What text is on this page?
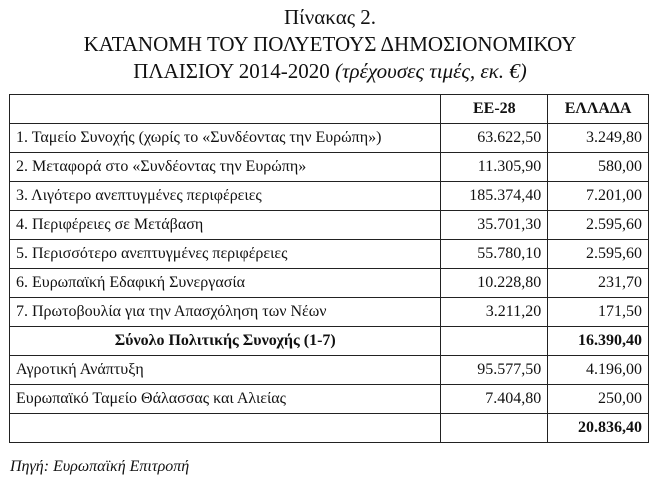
Πίνακας 2.
ΚΑΤΑΝΟΜΗ ΤΟΥ ΠΟΛΥΕΤΟΥΣ ΔΗΜΟΣΙΟΝΟΜΙΚΟΥ
ΠΛΑΙΣΙΟΥ 2014-2020 (τρέχουσες τιμές, εκ. €)
	ΕΕ-28	ΕΛΛΑΔΑ
1. Ταμείο Συνοχής (χωρίς το «Συνδέοντας την Ευρώπη»)	63.622,50	3.249,80
2. Μεταφορά στο «Συνδέοντας την Ευρώπη»	11.305,90	580,00
3. Λιγότερο ανεπτυγμένες περιφέρειες	185.374,40	7.201,00
4. Περιφέρειες σε Μετάβαση	35.701,30	2.595,60
5. Περισσότερο ανεπτυγμένες περιφέρειες	55.780,10	2.595,60
6. Ευρωπαϊκή Εδαφική Συνεργασία	10.228,80	231,70
7. Πρωτοβουλία για την Απασχόληση των Νέων	3.211,20	171,50
Σύνολο Πολιτικής Συνοχής (1-7)		16.390,40
Αγροτική Ανάπτυξη	95.577,50	4.196,00
Ευρωπαϊκό Ταμείο Θάλασσας και Αλιείας	7.404,80	250,00
		20.836,40
Πηγή: Ευρωπαϊκή Επιτροπή
